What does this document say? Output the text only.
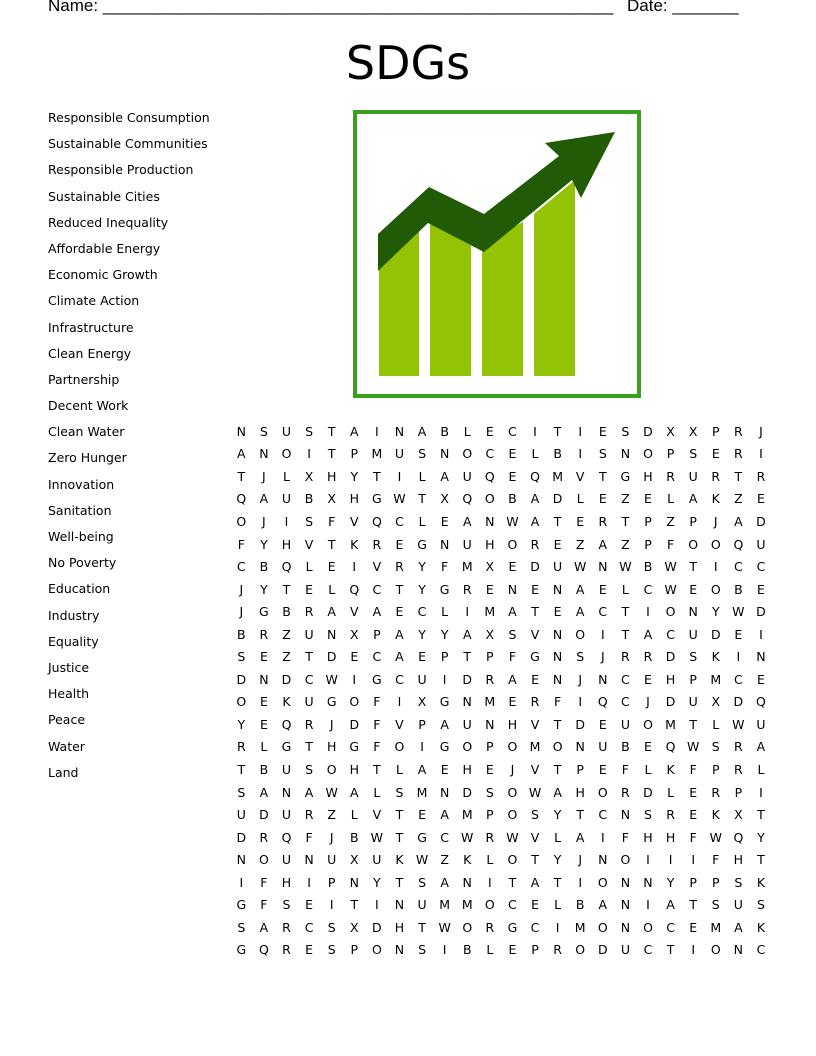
Name: ______________________________________________________ Date: _______
SDGs
Responsible Consumption
Sustainable Communities
Responsible Production
Sustainable Cities
Reduced Inequality
Affordable Energy
Economic Growth
Climate Action
Infrastructure
Clean Energy
Partnership
Decent Work
Clean Water
Zero Hunger
Innovation
Sanitation
Well-being
No Poverty
Education
Industry
Equality
Justice
Health
Peace
Water
Land
N	S	U	S	T	A	I	N	A	B	L	E	C	I	T	I	E	S	D	X	X	P	R	J
A	N	O	I	T	P	M	U	S	N	O	C	E	L	B	I	S	N	O	P	S	E	R	I
T	J	L	X	H	Y	T	I	L	A	U	Q	E	Q	M	V	T	G	H	R	U	R	T	R
Q	A	U	B	X	H	G	W	T	X	Q	O	B	A	D	L	E	Z	E	L	A	K	Z	E
O	J	I	S	F	V	Q	C	L	E	A	N	W	A	T	E	R	T	P	Z	P	J	A	D
F	Y	H	V	T	K	R	E	G	N	U	H	O	R	E	Z	A	Z	P	F	O	O	Q	U
C	B	Q	L	E	I	V	R	Y	F	M	X	E	D	U	W	N	W	B	W	T	I	C	C
J	Y	T	E	L	Q	C	T	Y	G	R	E	N	E	N	A	E	L	C	W	E	O	B	E
J	G	B	R	A	V	A	E	C	L	I	M	A	T	E	A	C	T	I	O	N	Y	W	D
B	R	Z	U	N	X	P	A	Y	Y	A	X	S	V	N	O	I	T	A	C	U	D	E	I
S	E	Z	T	D	E	C	A	E	P	T	P	F	G	N	S	J	R	R	D	S	K	I	N
D	N	D	C	W	I	G	C	U	I	D	R	A	E	N	J	N	C	E	H	P	M	C	E
O	E	K	U	G	O	F	I	X	G	N	M	E	R	F	I	Q	C	J	D	U	X	D	Q
Y	E	Q	R	J	D	F	V	P	A	U	N	H	V	T	D	E	U	O	M	T	L	W	U
R	L	G	T	H	G	F	O	I	G	O	P	O	M	O	N	U	B	E	Q	W	S	R	A
T	B	U	S	O	H	T	L	A	E	H	E	J	V	T	P	E	F	L	K	F	P	R	L
S	A	N	A	W	A	L	S	M	N	D	S	O	W	A	H	O	R	D	L	E	R	P	I
U	D	U	R	Z	L	V	T	E	A	M	P	O	S	Y	T	C	N	S	R	E	K	X	T
D	R	Q	F	J	B	W	T	G	C	W	R	W	V	L	A	I	F	H	H	F	W	Q	Y
N	O	U	N	U	X	U	K	W	Z	K	L	O	T	Y	J	N	O	I	I	I	F	H	T
I	F	H	I	P	N	Y	T	S	A	N	I	T	A	T	I	O	N	N	Y	P	P	S	K
G	F	S	E	I	T	I	N	U	M	M	O	C	E	L	B	A	N	I	A	T	S	U	S
S	A	R	C	S	X	D	H	T	W	O	R	G	C	I	M	O	N	O	C	E	M	A	K
G	Q	R	E	S	P	O	N	S	I	B	L	E	P	R	O	D	U	C	T	I	O	N	C
